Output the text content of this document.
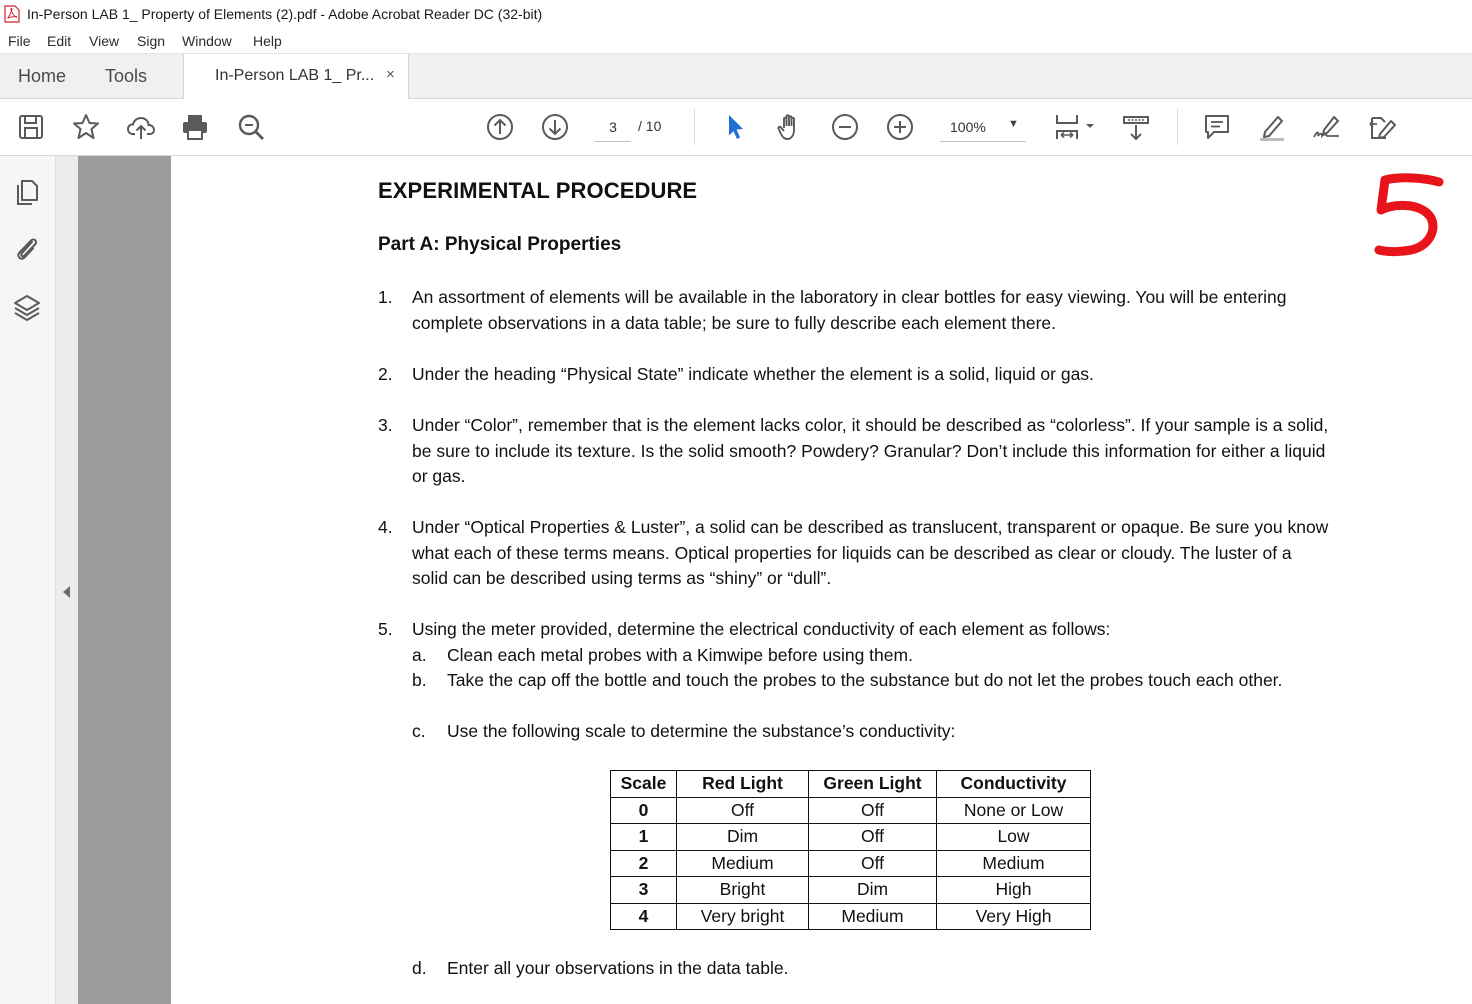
In-Person LAB 1_ Property of Elements (2).pdf - Adobe Acrobat Reader DC (32-bit)
File Edit View Sign Window Help
Home Tools	In-Person LAB 1_ Pr... ×
3	/ 10	100% ▼
EXPERIMENTAL PROCEDURE
Part A: Physical Properties
1. An assortment of elements will be available in the laboratory in clear bottles for easy viewing. You will be entering complete observations in a data table; be sure to fully describe each element there.
2. Under the heading “Physical State” indicate whether the element is a solid, liquid or gas.
3. Under “Color”, remember that is the element lacks color, it should be described as “colorless”. If your sample is a solid, be sure to include its texture. Is the solid smooth? Powdery? Granular? Don’t include this information for either a liquid or gas.
4. Under “Optical Properties & Luster”, a solid can be described as translucent, transparent or opaque. Be sure you know what each of these terms means. Optical properties for liquids can be described as clear or cloudy. The luster of a solid can be described using terms as “shiny” or “dull”.
5. Using the meter provided, determine the electrical conductivity of each element as follows:
a. Clean each metal probes with a Kimwipe before using them.
b. Take the cap off the bottle and touch the probes to the substance but do not let the probes touch each other.
c. Use the following scale to determine the substance’s conductivity:
Scale	Red Light	Green Light	Conductivity
0	Off	Off	None or Low
1	Dim	Off	Low
2	Medium	Off	Medium
3	Bright	Dim	High
4	Very bright	Medium	Very High
d. Enter all your observations in the data table.
